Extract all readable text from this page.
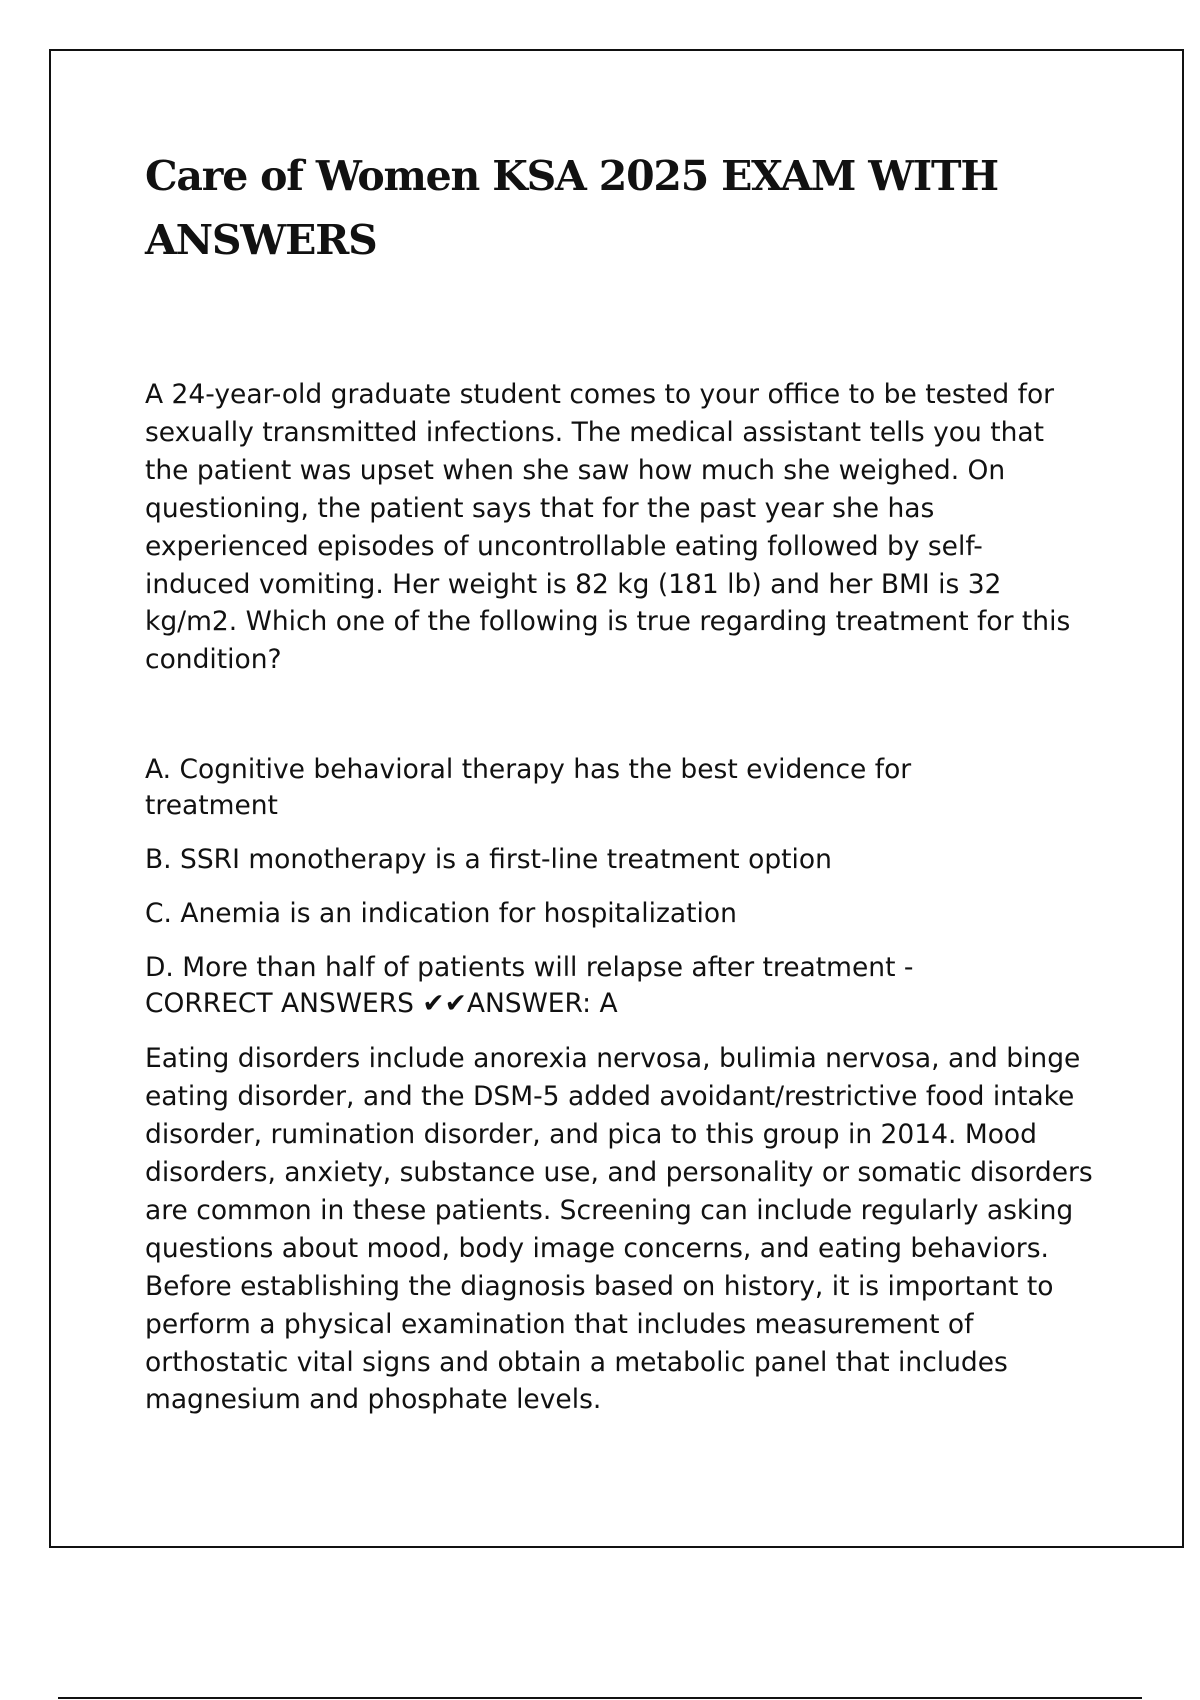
Care of Women KSA 2025 EXAM WITH ANSWERS

A 24-year-old graduate student comes to your office to be tested for sexually transmitted infections. The medical assistant tells you that the patient was upset when she saw how much she weighed. On questioning, the patient says that for the past year she has experienced episodes of uncontrollable eating followed by self-induced vomiting. Her weight is 82 kg (181 lb) and her BMI is 32 kg/m2. Which one of the following is true regarding treatment for this condition?

A. Cognitive behavioral therapy has the best evidence for treatment
B. SSRI monotherapy is a first-line treatment option
C. Anemia is an indication for hospitalization
D. More than half of patients will relapse after treatment -
CORRECT ANSWERS ✔✔ANSWER: A

Eating disorders include anorexia nervosa, bulimia nervosa, and binge eating disorder, and the DSM-5 added avoidant/restrictive food intake disorder, rumination disorder, and pica to this group in 2014. Mood disorders, anxiety, substance use, and personality or somatic disorders are common in these patients. Screening can include regularly asking questions about mood, body image concerns, and eating behaviors. Before establishing the diagnosis based on history, it is important to perform a physical examination that includes measurement of orthostatic vital signs and obtain a metabolic panel that includes magnesium and phosphate levels.
